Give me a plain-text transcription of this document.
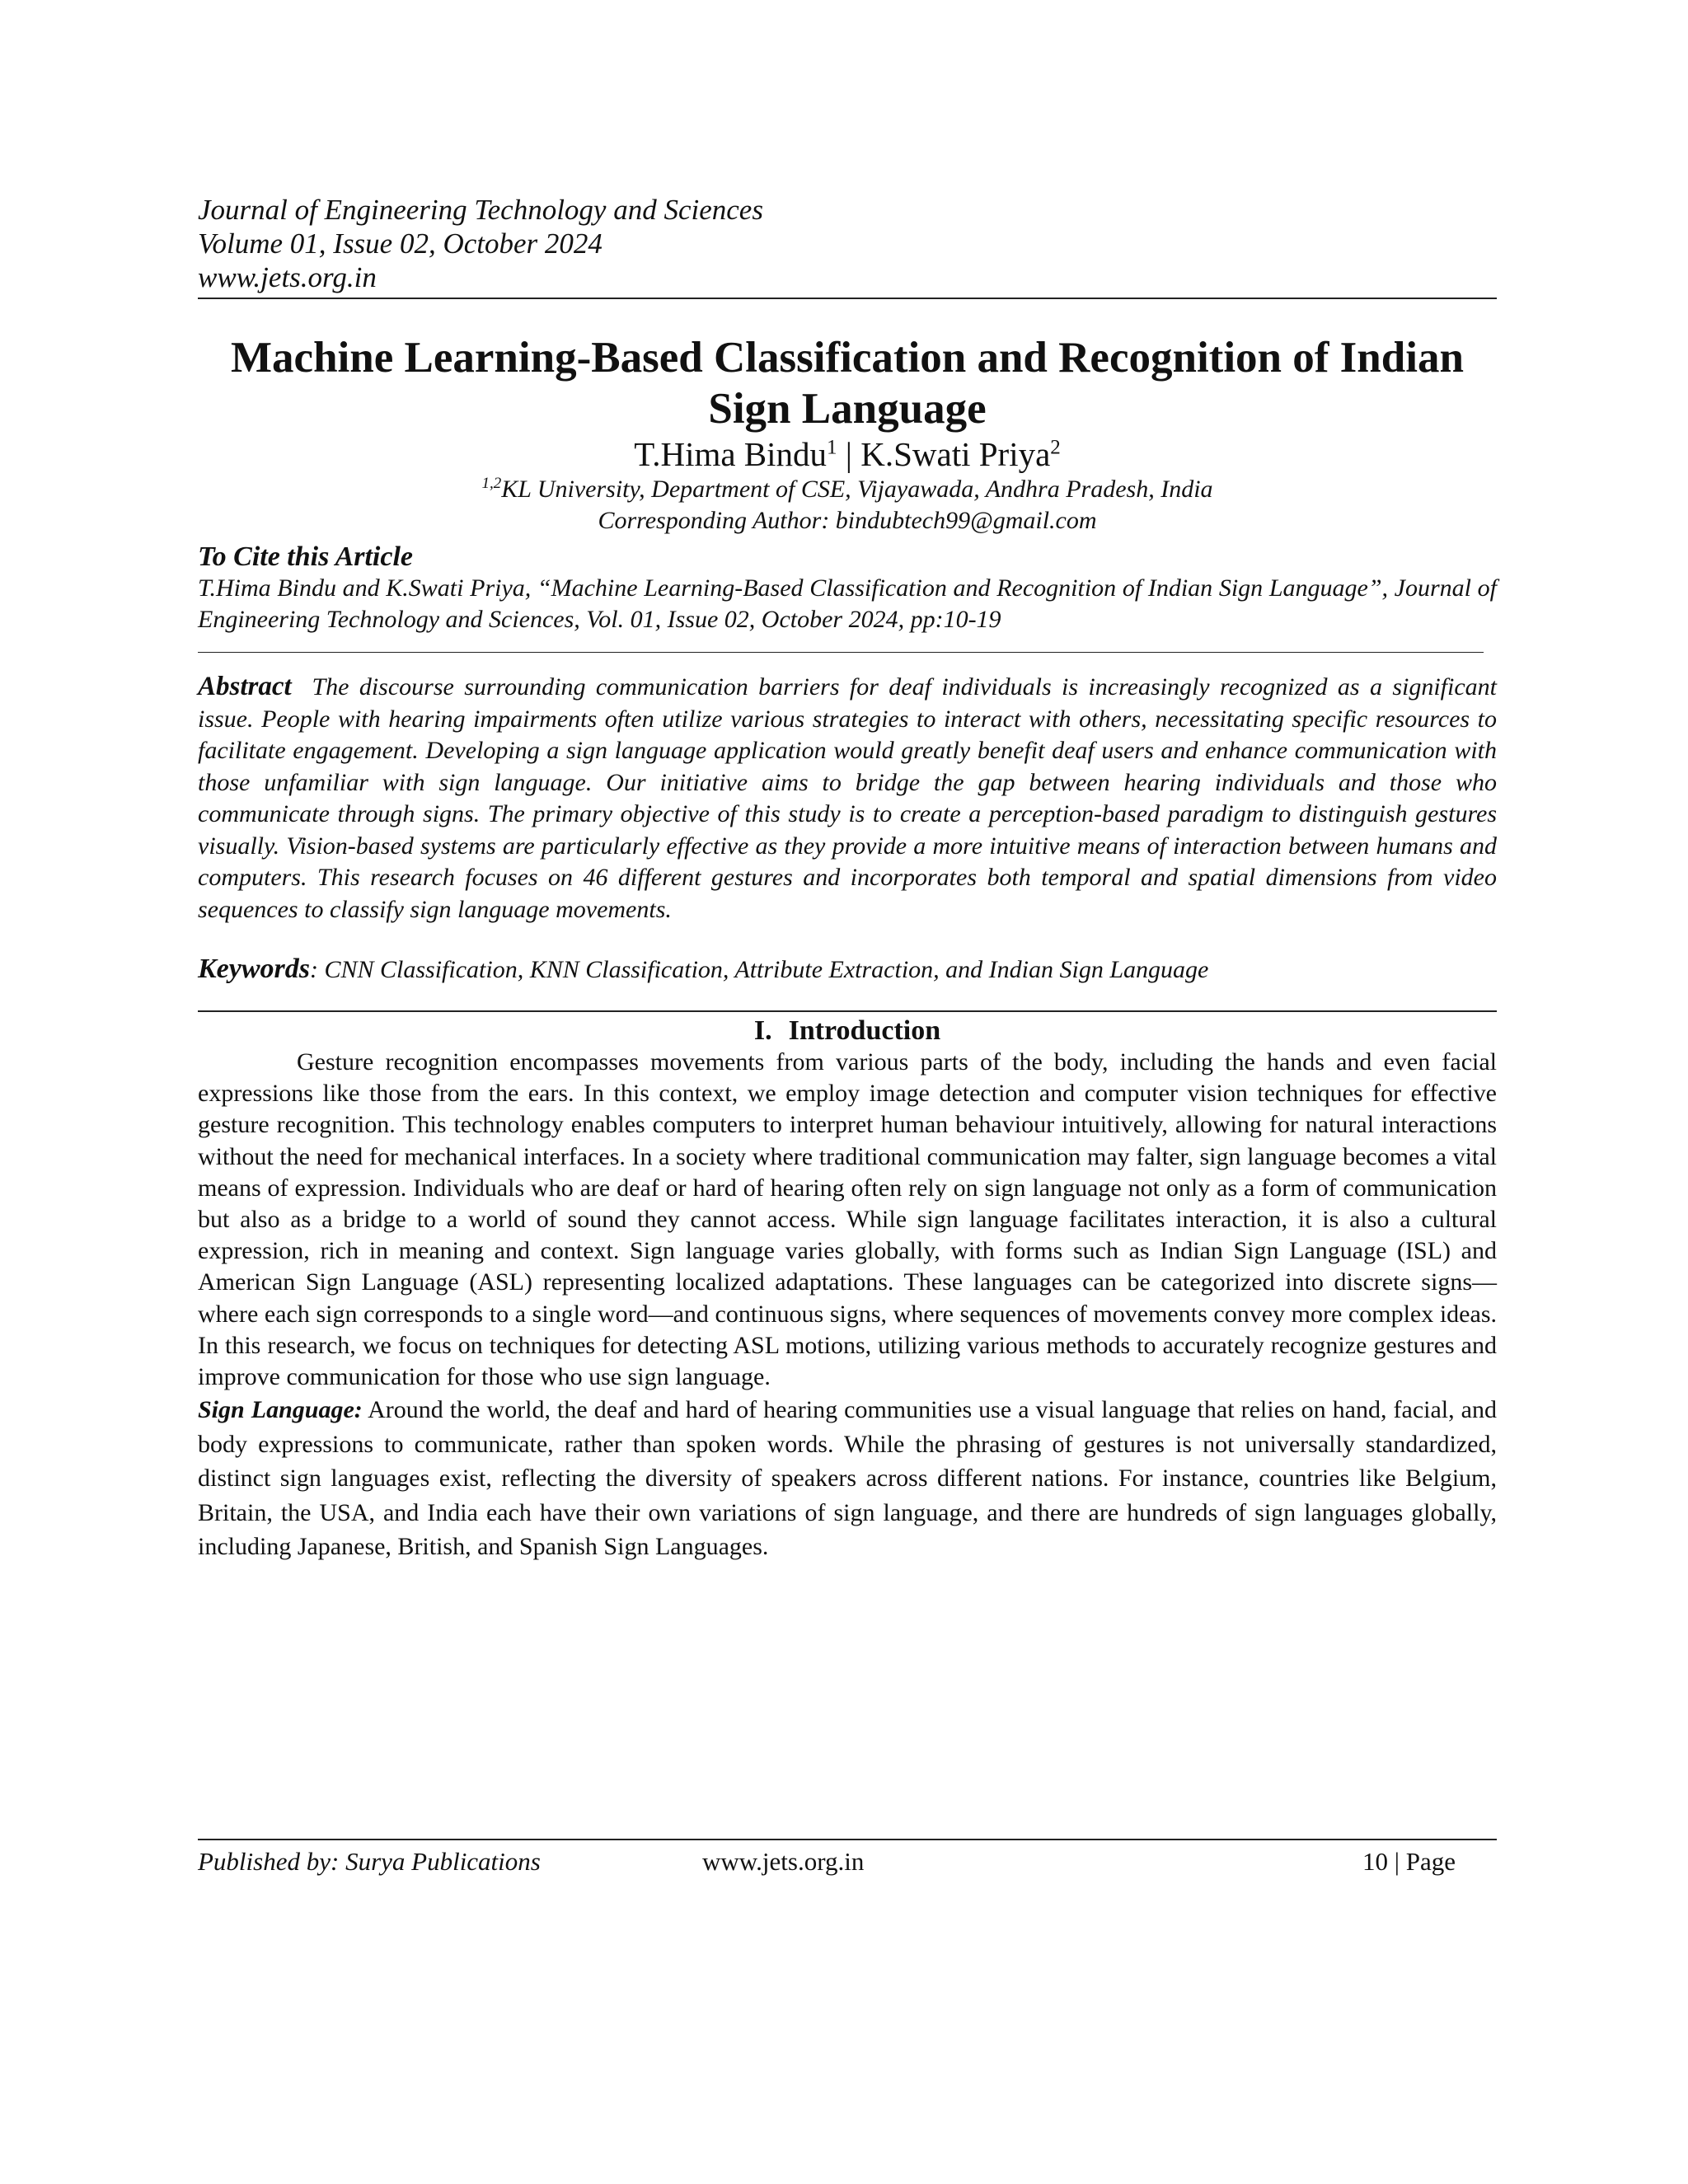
Journal of Engineering Technology and Sciences
Volume 01, Issue 02, October 2024
www.jets.org.in
Machine Learning-Based Classification and Recognition of Indian Sign Language
T.Hima Bindu$^1$ | K.Swati Priya$^2$
$^{1,2}$KL University, Department of CSE, Vijayawada, Andhra Pradesh, India
Corresponding Author: bindubtech99@gmail.com
To Cite this Article
T.Hima Bindu and K.Swati Priya, “Machine Learning-Based Classification and Recognition of Indian Sign Language”, Journal of Engineering Technology and Sciences, Vol. 01, Issue 02, October 2024, pp:10-19
Abstract The discourse surrounding communication barriers for deaf individuals is increasingly recognized as a significant issue. People with hearing impairments often utilize various strategies to interact with others, necessitating specific resources to facilitate engagement. Developing a sign language application would greatly benefit deaf users and enhance communication with those unfamiliar with sign language. Our initiative aims to bridge the gap between hearing individuals and those who communicate through signs. The primary objective of this study is to create a perception-based paradigm to distinguish gestures visually. Vision-based systems are particularly effective as they provide a more intuitive means of interaction between humans and computers. This research focuses on 46 different gestures and incorporates both temporal and spatial dimensions from video sequences to classify sign language movements.
Keywords: CNN Classification, KNN Classification, Attribute Extraction, and Indian Sign Language
I. Introduction
Gesture recognition encompasses movements from various parts of the body, including the hands and even facial expressions like those from the ears. In this context, we employ image detection and computer vision techniques for effective gesture recognition. This technology enables computers to interpret human behaviour intuitively, allowing for natural interactions without the need for mechanical interfaces. In a society where traditional communication may falter, sign language becomes a vital means of expression. Individuals who are deaf or hard of hearing often rely on sign language not only as a form of communication but also as a bridge to a world of sound they cannot access. While sign language facilitates interaction, it is also a cultural expression, rich in meaning and context. Sign language varies globally, with forms such as Indian Sign Language (ISL) and American Sign Language (ASL) representing localized adaptations. These languages can be categorized into discrete signs—where each sign corresponds to a single word—and continuous signs, where sequences of movements convey more complex ideas. In this research, we focus on techniques for detecting ASL motions, utilizing various methods to accurately recognize gestures and improve communication for those who use sign language.
Sign Language: Around the world, the deaf and hard of hearing communities use a visual language that relies on hand, facial, and body expressions to communicate, rather than spoken words. While the phrasing of gestures is not universally standardized, distinct sign languages exist, reflecting the diversity of speakers across different nations. For instance, countries like Belgium, Britain, the USA, and India each have their own variations of sign language, and there are hundreds of sign languages globally, including Japanese, British, and Spanish Sign Languages.
Published by: Surya Publications	www.jets.org.in	10 | Page
